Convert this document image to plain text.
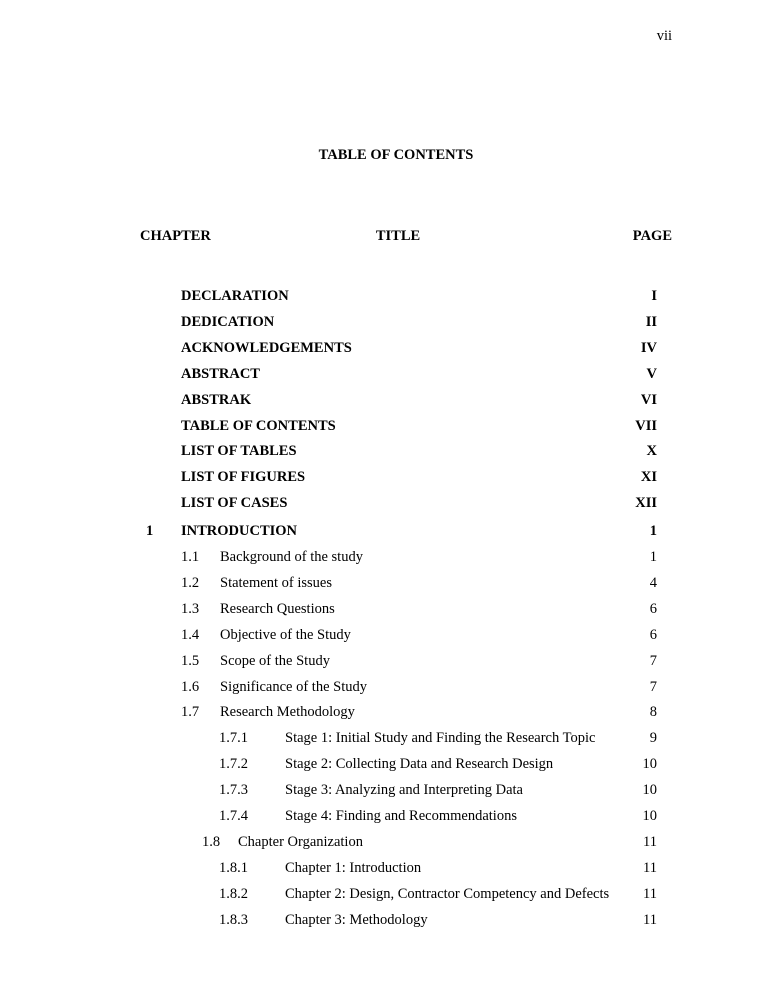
vii
TABLE OF CONTENTS
CHAPTER	TITLE	PAGE
DECLARATION	I
DEDICATION	II
ACKNOWLEDGEMENTS	IV
ABSTRACT	V
ABSTRAK	VI
TABLE OF CONTENTS	VII
LIST OF TABLES	X
LIST OF FIGURES	XI
LIST OF CASES	XII
1 INTRODUCTION	1
1.1 Background of the study	1
1.2 Statement of issues	4
1.3 Research Questions	6
1.4 Objective of the Study	6
1.5 Scope of the Study	7
1.6 Significance of the Study	7
1.7 Research Methodology	8
1.7.1	Stage 1: Initial Study and Finding the Research Topic	9
1.7.2	Stage 2: Collecting Data and Research Design	10
1.7.3	Stage 3: Analyzing and Interpreting Data	10
1.7.4	Stage 4: Finding and Recommendations	10
1.8 Chapter Organization	11
1.8.1	Chapter 1: Introduction	11
1.8.2	Chapter 2: Design, Contractor Competency and Defects 11
1.8.3	Chapter 3: Methodology	11
